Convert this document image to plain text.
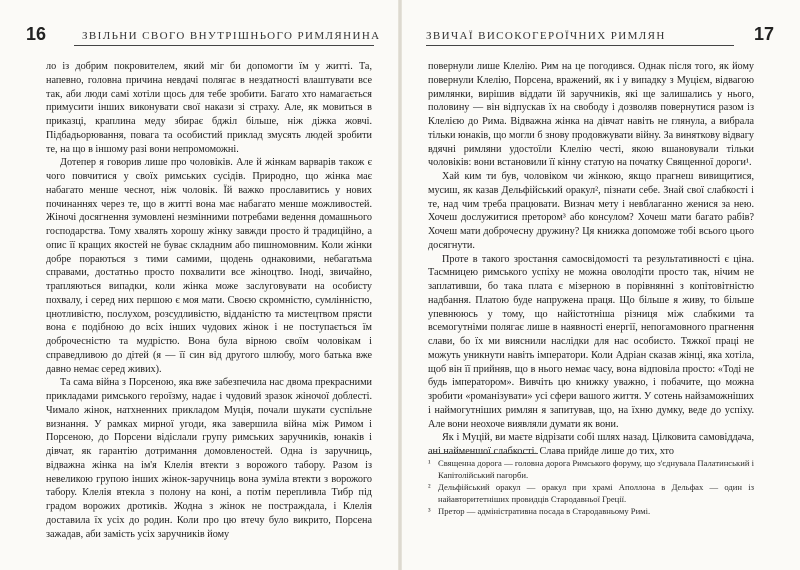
16	ЗВІЛЬНИ СВОГО ВНУТРІШНЬОГО РИМЛЯНИНА

ло із добрим покровителем, який міг би допомогти їм у житті. Та, напевно, головна причина невдачі полягає в нездатності влаштувати все так, аби люди самі хотіли щось для тебе зробити. Багато хто намагається примусити інших виконувати свої накази зі страху. Але, як мовиться в приказці, краплина меду збирає бджіл більше, ніж діжка жовчі. Підбадьорювання, повага та особистий приклад змусять людей зробити те, на що в іншому разі вони непромоможні.

Дотепер я говорив лише про чоловіків. Але й жінкам варварів також є чого повчитися у своїх римських сусідів. Природно, що жінка має набагато менше чеснот, ніж чоловік. Їй важко прославитись у нових починаннях через те, що в житті вона має набагато менше можливостей. Жіночі досягнення зумовлені незмінними потребами ведення домашнього господарства. Тому хвалять хорошу жінку завжди просто й традиційно, а опис її кращих якостей не буває складним або пишномовним. Коли жінки добре пораються з тими самими, щодень однаковими, небагатьма справами, достатньо просто похвалити все жіноцтво. Іноді, звичайно, трапляються випадки, коли жінка може заслуговувати на особисту похвалу, і серед них першою є моя мати. Своєю скромністю, сумлінністю, цнотливістю, послухом, розсудливістю, відданістю та мистецтвом прясти вона є подібною до всіх інших чудових жінок і не поступається їм доброчесністю та мудрістю. Вона була вірною своїм чоловікам і справедливою до дітей (я — її син від другого шлюбу, мого батька вже давно немає серед живих).

Та сама війна з Порсеною, яка вже забезпечила нас двома прекрасними прикладами римського героїзму, надає і чудовий зразок жіночої доблесті. Чимало жінок, натхненних прикладом Муція, почали шукати суспільне визнання. У рамках мирної угоди, яка завершила війна між Римом і Порсеною, до Порсени відіслали групу римських заручників, юнаків і дівчат, як гарантію дотримання домовленостей. Одна із заручниць, відважна жінка на ім'я Клелія втекти з ворожого табору. Разом із невеликою групою інших жінок-заручниць вона зуміла втекти з ворожого табору. Клелія втекла з полону на коні, а потім перепливла Тибр під градом ворожих дротиків. Жодна з жінок не постраждала, і Клелія доставила їх усіх до родин. Коли про цю втечу було викрито, Порсена зажадав, аби замість усіх заручників йому

ЗВИЧАЇ ВИСОКОГЕРОЇЧНИХ РИМЛЯН	17

повернули лише Клелію. Рим на це погодився. Однак після того, як йому повернули Клелію, Порсена, вражений, як і у випадку з Муцієм, відвагою римлянки, вирішив віддати їй заручників, які ще залишались у нього, половину — він відпускав їх на свободу і дозволяв повернутися разом із Клелією до Рима. Відважна жінка на дівчат навіть не глянула, а вибрала тільки юнаків, що могли б знову продовжувати війну. За винятковy відвагу вдячні римляни удостоїли Клелію честі, якою вшановували тільки чоловіків: вони встановили її кінну статую на початку Священної дороги¹.

Хай ким ти був, чоловіком чи жінкою, якщо прагнеш вивищитися, мусиш, як казав Дельфійський оракул², пізнати себе. Знай свої слабкості і те, над чим треба працювати. Визнач мету і невблаганно женися за нею. Хочеш дослужитися претором³ або консулом? Хочеш мати багато рабів? Хочеш мати доброчесну дружину? Ця книжка допоможе тобі всього цього досягнути.

Проте в такого зростання самосвідомості та результативності є ціна. Тасмницею римського успіху не можна оволодіти просто так, нічим не заплативши, бо така плата є мізерною в порівнянні з копітовітністю надбання. Платою буде напружена праця. Що більше я живу, то більше упевнююсь у тому, що найістотніша різниця між слабкими та всемогутніми полягає лише в наявності енергії, непогамовного прагнення слави, бо їх ми вияснили наслідки для нас особисто. Тяжкої праці не можуть уникнути навіть імператори. Коли Адріан сказав жінці, яка хотіла, щоб він її прийняв, що в нього немає часу, вона відповіла просто: «Тоді не будь імператором». Вивчіть цю книжку уважно, і побачите, що можна зробити «романізувати» усі сфери вашого життя. У сотень найзаможніших і наймогутніших римлян я запитував, що, на їхню думку, веде до успіху. Але вони неохоче виявляли думати як вони.

Як і Муцій, ви маєте відрізати собі шлях назад. Цілковита самовіддача, ані найменшої слабкості. Слава прийде лише до тих, хто

¹ Священна дорога — головна дорога Римського форуму, що з'єднувала Палатинський і Капітолійський пагорби.

² Дельфійський оракул — оракул при храмі Аполлона в Дельфах — один із найавторитетніших провидців Стародавньої Греції.

³ Претор — адміністративна посада в Стародавньому Римі.
